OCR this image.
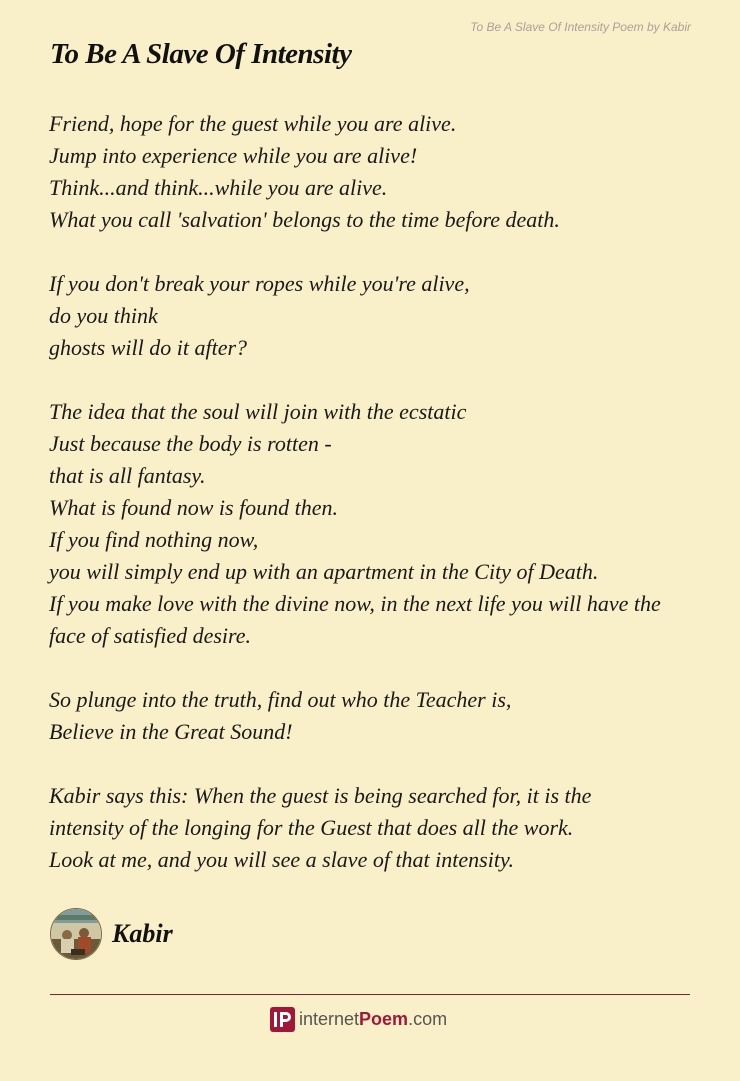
To Be A Slave Of Intensity Poem by Kabir
To Be A Slave Of Intensity
Friend, hope for the guest while you are alive.
Jump into experience while you are alive!
Think...and think...while you are alive.
What you call 'salvation' belongs to the time before death.
If you don't break your ropes while you're alive,
do you think
ghosts will do it after?
The idea that the soul will join with the ecstatic
Just because the body is rotten -
that is all fantasy.
What is found now is found then.
If you find nothing now,
you will simply end up with an apartment in the City of Death.
If you make love with the divine now, in the next life you will have the face of satisfied desire.
So plunge into the truth, find out who the Teacher is,
Believe in the Great Sound!
Kabir says this: When the guest is being searched for, it is the
intensity of the longing for the Guest that does all the work.
Look at me, and you will see a slave of that intensity.
Kabir
internet Poem .com
